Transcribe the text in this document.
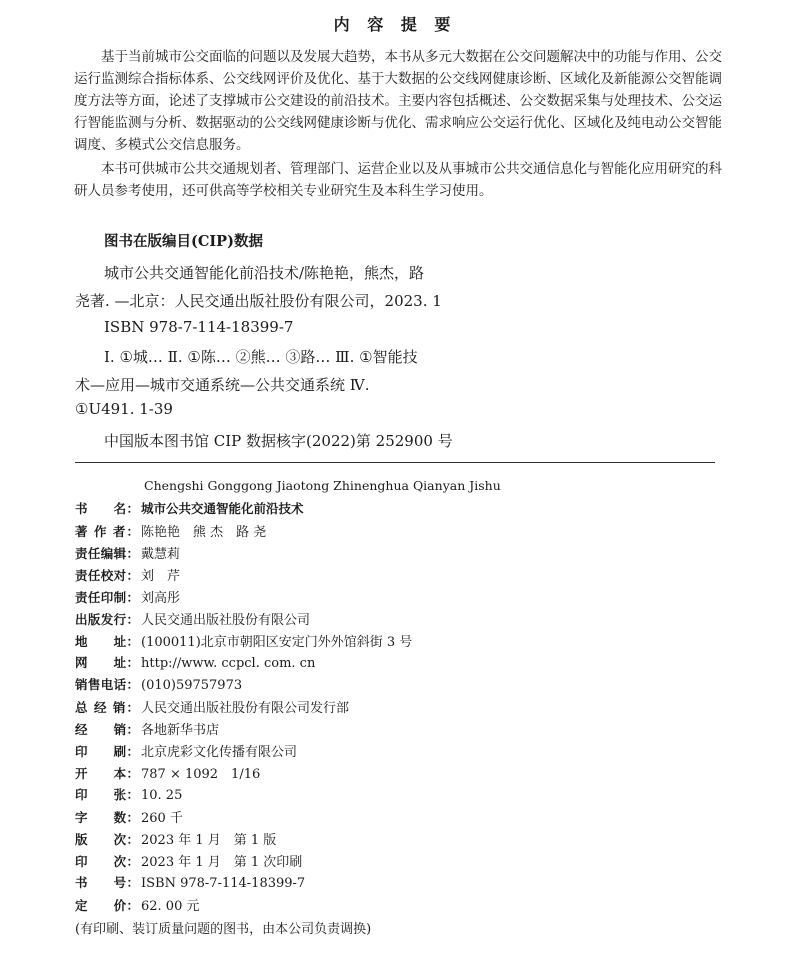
内 容 提 要

基于当前城市公交面临的问题以及发展大趋势，本书从多元大数据在公交问题解决中的功能与作用、公交运行监测综合指标体系、公交线网评价及优化、基于大数据的公交线网健康诊断、区域化及新能源公交智能调度方法等方面，论述了支撑城市公交建设的前沿技术。主要内容包括概述、公交数据采集与处理技术、公交运行智能监测与分析、数据驱动的公交线网健康诊断与优化、需求响应公交运行优化、区域化及纯电动公交智能调度、多模式公交信息服务。

本书可供城市公共交通规划者、管理部门、运营企业以及从事城市公共交通信息化与智能化应用研究的科研人员参考使用，还可供高等学校相关专业研究生及本科生学习使用。

图书在版编目(CIP)数据
城市公共交通智能化前沿技术/陈艳艳，熊杰，路
尧著. —北京：人民交通出版社股份有限公司，2023. 1
ISBN 978-7-114-18399-7
Ⅰ. ①城… Ⅱ. ①陈… ②熊… ③路… Ⅲ. ①智能技
术—应用—城市交通系统—公共交通系统 Ⅳ.
①U491. 1-39
中国版本图书馆 CIP 数据核字(2022)第 252900 号
Chengshi Gonggong Jiaotong Zhinenghua Qianyan Jishu
书　　名： 城市公共交通智能化前沿技术
著 作 者： 陈艳艳　熊 杰　路 尧
责任编辑： 戴慧莉
责任校对： 刘　芹
责任印制： 刘高彤
出版发行： 人民交通出版社股份有限公司
地　　址： (100011)北京市朝阳区安定门外外馆斜街 3 号
网　　址： http://www. ccpcl. com. cn
销售电话： (010)59757973
总 经 销： 人民交通出版社股份有限公司发行部
经　　销： 各地新华书店
印　　刷： 北京虎彩文化传播有限公司
开　　本： 787 × 1092　1/16
印　　张： 10. 25
字　　数： 260 千
版　　次： 2023 年 1 月　第 1 版
印　　次： 2023 年 1 月　第 1 次印刷
书　　号： ISBN 978-7-114-18399-7
定　　价： 62. 00 元
(有印刷、装订质量问题的图书，由本公司负责调换)
